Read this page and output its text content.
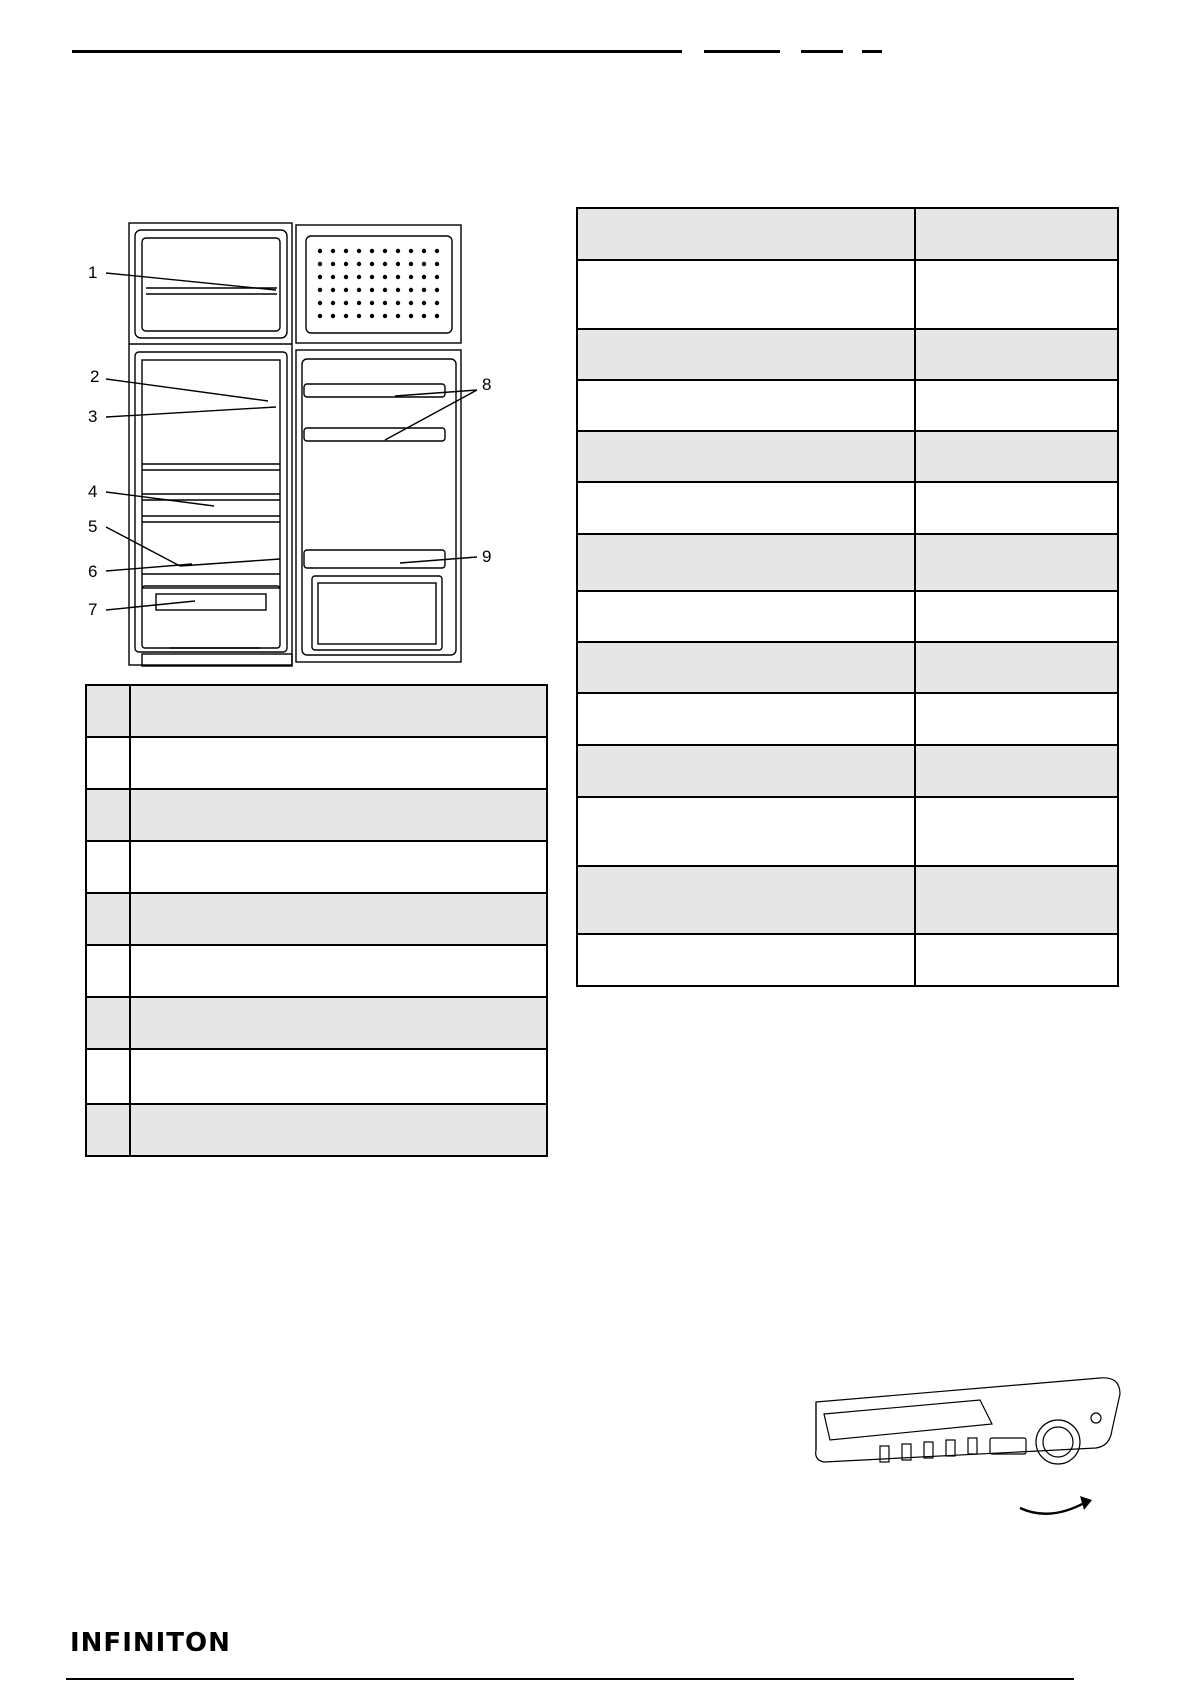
1
2
3
4
5
6
7
8
9

INFINITON
